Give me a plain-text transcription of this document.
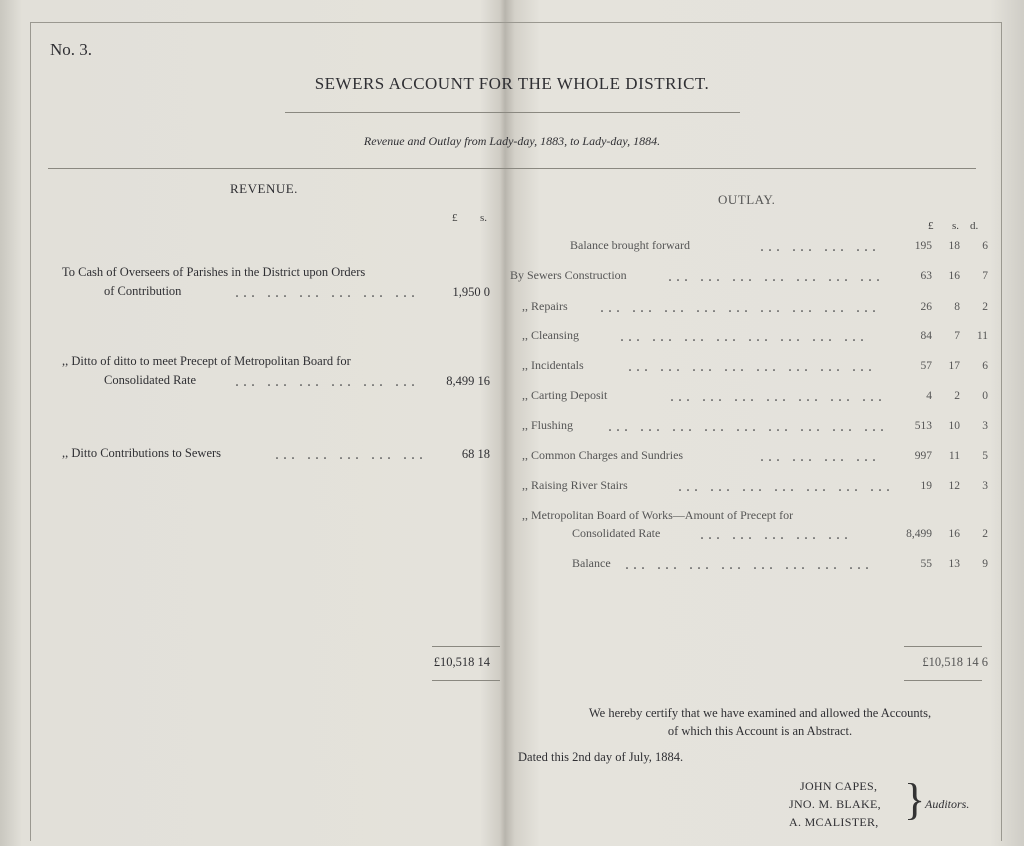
No. 3.
SEWERS ACCOUNT FOR THE WHOLE DISTRICT.
Revenue and Outlay from Lady-day, 1883, to Lady-day, 1884.
REVENUE.
£ s.
To Cash of Overseers of Parishes in the District upon Orders
of Contribution	... ... ... ... ... ...	1,950 0
,, Ditto of ditto to meet Precept of Metropolitan Board for
Consolidated Rate ... ... ... ... ... ...	8,499 16
,, Ditto Contributions to Sewers	... ... ... ... ...	68 18
£10,518 14
OUTLAY.
£ s. d.
Balance brought forward	... ... ... ...	195	18	6
By Sewers Construction	... ... ... ... ... ... ...	63	16	7
,, Repairs ... ... ... ... ... ... ... ... ...	26	8	2
,, Cleansing	... ... ... ... ... ... ... ...	84	7	11
,, Incidentals	... ... ... ... ... ... ... ...	57	17	6
,, Carting Deposit	... ... ... ... ... ... ...	4	2	0
,, Flushing ... ... ... ... ... ... ... ... ...	513	10	3
,, Common Charges and Sundries	... ... ... ...	997	11	5
,, Raising River Stairs	... ... ... ... ... ... ...	19	12	3
,, Metropolitan Board of Works—Amount of Precept for
Consolidated Rate ... ... ... ... ...	8,499	16	2
Balance ... ... ... ... ... ... ... ...	55	13	9
£10,518 14 6
We hereby certify that we have examined and allowed the Accounts,
of which this Account is an Abstract.
Dated this 2nd day of July, 1884.
JOHN CAPES,
JNO. M. BLAKE,
A. MCALISTER, } Auditors.
